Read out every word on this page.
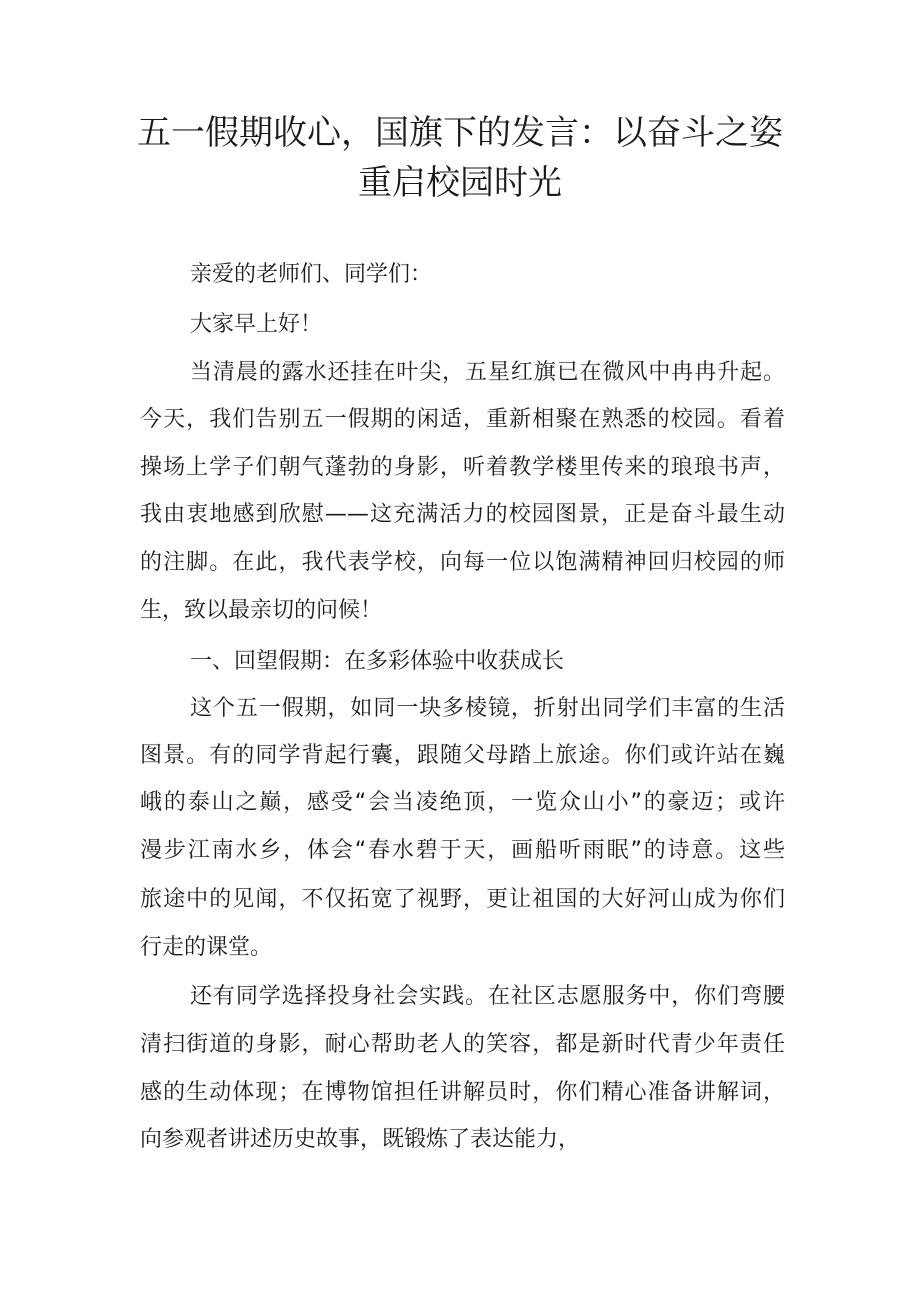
五一假期收心，国旗下的发言：以奋斗之姿
重启校园时光
亲爱的老师们、同学们：
大家早上好！
当清晨的露水还挂在叶尖，五星红旗已在微风中冉冉升起。
今天，我们告别五一假期的闲适，重新相聚在熟悉的校园。看着
操场上学子们朝气蓬勃的身影，听着教学楼里传来的琅琅书声，
我由衷地感到欣慰——这充满活力的校园图景，正是奋斗最生动
的注脚。在此，我代表学校，向每一位以饱满精神回归校园的师
生，致以最亲切的问候！
一、回望假期：在多彩体验中收获成长
这个五一假期，如同一块多棱镜，折射出同学们丰富的生活
图景。有的同学背起行囊，跟随父母踏上旅途。你们或许站在巍
峨的泰山之巅，感受“会当凌绝顶，一览众山小”的豪迈；或许
漫步江南水乡，体会“春水碧于天，画船听雨眠”的诗意。这些
旅途中的见闻，不仅拓宽了视野，更让祖国的大好河山成为你们
行走的课堂。
还有同学选择投身社会实践。在社区志愿服务中，你们弯腰
清扫街道的身影，耐心帮助老人的笑容，都是新时代青少年责任
感的生动体现；在博物馆担任讲解员时，你们精心准备讲解词，
向参观者讲述历史故事，既锻炼了表达能力，
